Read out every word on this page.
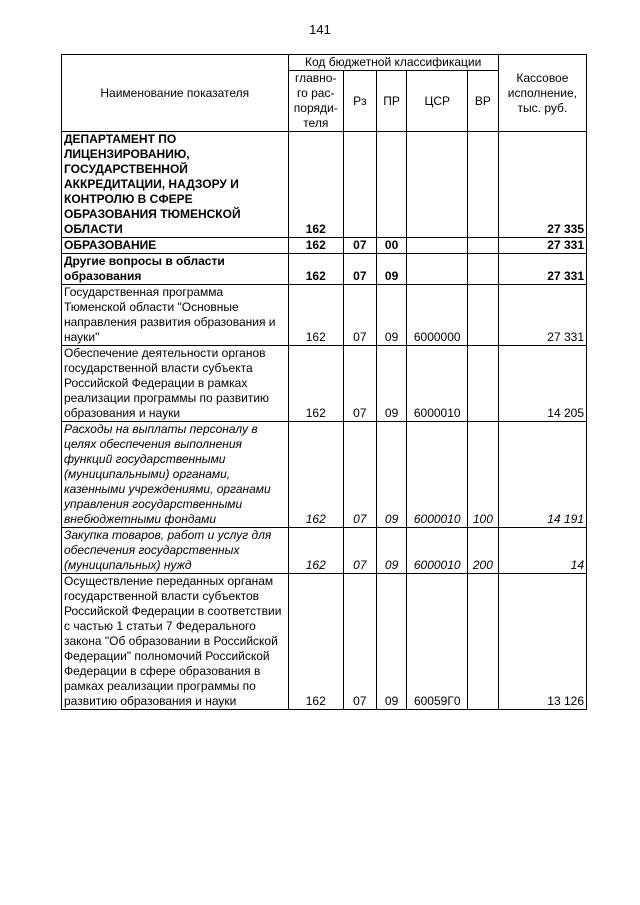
141
Наименование показателя	Код бюджетной классификации					Кассовое исполнение, тыс. руб.
	главно-го рас-поряди-теля	Рз	ПР	ЦСР	ВР	
ДЕПАРТАМЕНТ ПО ЛИЦЕНЗИРОВАНИЮ, ГОСУДАРСТВЕННОЙ АККРЕДИТАЦИИ, НАДЗОРУ И КОНТРОЛЮ В СФЕРЕ ОБРАЗОВАНИЯ ТЮМЕНСКОЙ ОБЛАСТИ	162					27 335
ОБРАЗОВАНИЕ	162	07	00			27 331
Другие вопросы в области образования	162	07	09			27 331
Государственная программа Тюменской области "Основные направления развития образования и науки"	162	07	09	6000000		27 331
Обеспечение деятельности органов государственной власти субъекта Российской Федерации в рамках реализации программы по развитию образования и науки	162	07	09	6000010		14 205
Расходы на выплаты персоналу в целях обеспечения выполнения функций государственными (муниципальными) органами, казенными учреждениями, органами управления государственными внебюджетными фондами	162	07	09	6000010	100	14 191
Закупка товаров, работ и услуг для обеспечения государственных (муниципальных) нужд	162	07	09	6000010	200	14
Осуществление переданных органам государственной власти субъектов Российской Федерации в соответствии с частью 1 статьи 7 Федерального закона "Об образовании в Российской Федерации" полномочий Российской Федерации в сфере образования в рамках реализации программы по развитию образования и науки	162	07	09	60059Г0		13 126
